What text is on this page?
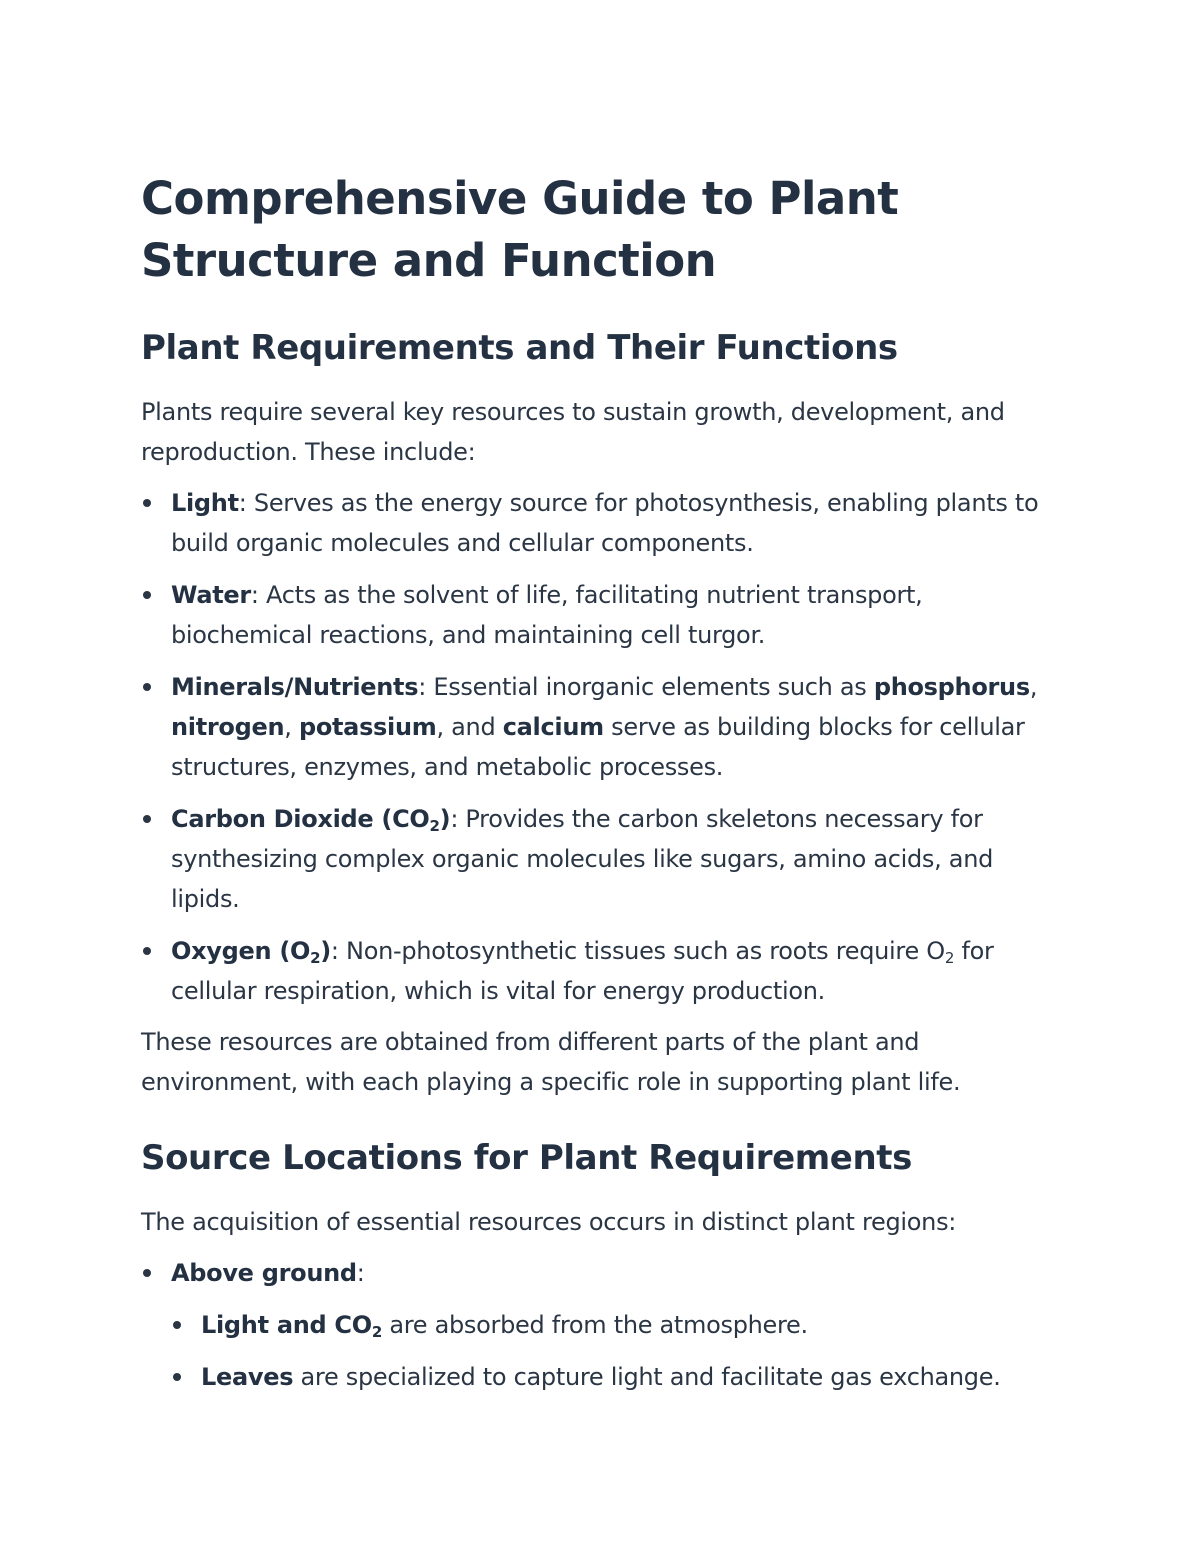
Comprehensive Guide to Plant Structure and Function
Plant Requirements and Their Functions

Plants require several key resources to sustain growth, development, and reproduction. These include:

Light: Serves as the energy source for photosynthesis, enabling plants to build organic molecules and cellular components.
Water: Acts as the solvent of life, facilitating nutrient transport, biochemical reactions, and maintaining cell turgor.
Minerals/Nutrients: Essential inorganic elements such as phosphorus, nitrogen, potassium, and calcium serve as building blocks for cellular structures, enzymes, and metabolic processes.
Carbon Dioxide $(CO_2)$: Provides the carbon skeletons necessary for synthesizing complex organic molecules like sugars, amino acids, and lipids.
Oxygen $(O_2)$: Non-photosynthetic tissues such as roots require $O_2$ for cellular respiration, which is vital for energy production.

These resources are obtained from different parts of the plant and environment, with each playing a specific role in supporting plant life.

Source Locations for Plant Requirements

The acquisition of essential resources occurs in distinct plant regions:

Above ground:
Light and $CO_2$ are absorbed from the atmosphere.
Leaves are specialized to capture light and facilitate gas exchange.
